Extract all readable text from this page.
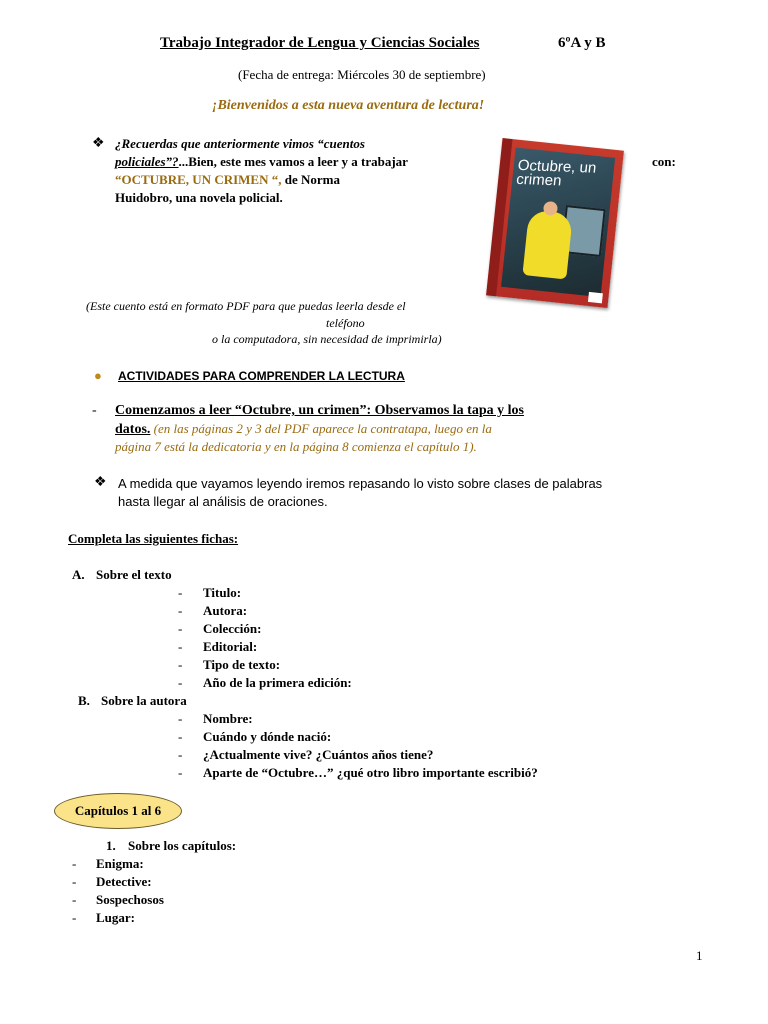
Trabajo Integrador de Lengua y Ciencias Sociales	6ºA y B
(Fecha de entrega: Miércoles 30 de septiembre)
¡Bienvenidos a esta nueva aventura de lectura!
❖ ¿Recuerdas que anteriormente vimos “cuentos
policiales”?...Bien, este mes vamos a leer y a trabajar	con:
“OCTUBRE, UN CRIMEN “, de Norma
Huidobro, una novela policial.
Octubre, un crimen
(Este cuento está en formato PDF para que puedas leerla desde el
teléfono
o la computadora, sin necesidad de imprimirla)
● ACTIVIDADES PARA COMPRENDER LA LECTURA
- Comenzamos a leer “Octubre, un crimen”: Observamos la tapa y los
datos. (en las páginas 2 y 3 del PDF aparece la contratapa, luego en la
página 7 está la dedicatoria y en la página 8 comienza el capítulo 1).
❖ A medida que vayamos leyendo iremos repasando lo visto sobre clases de palabras
hasta llegar al análisis de oraciones.
Completa las siguientes fichas:
A. Sobre el texto
- Titulo:
- Autora:
- Colección:
- Editorial:
- Tipo de texto:
- Año de la primera edición:
B. Sobre la autora
- Nombre:
- Cuándo y dónde nació:
- ¿Actualmente vive? ¿Cuántos años tiene?
- Aparte de “Octubre…” ¿qué otro libro importante escribió?
Capítulos 1 al 6
1. Sobre los capítulos:
- Enigma:
- Detective:
- Sospechosos
- Lugar:
1
